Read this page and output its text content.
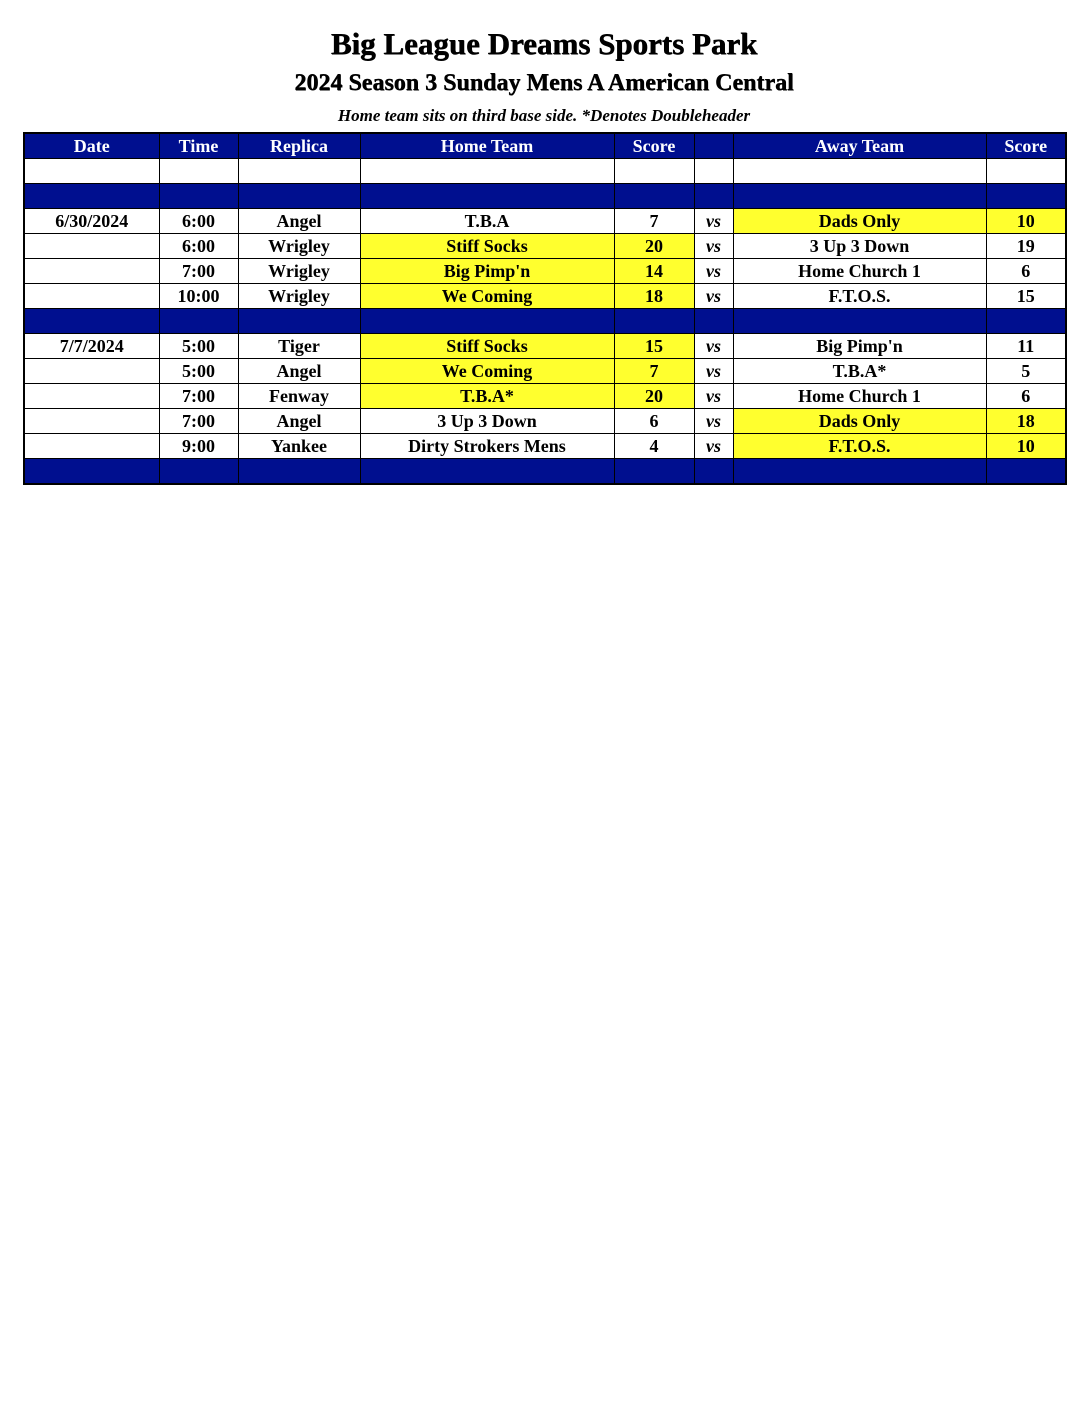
Big League Dreams Sports Park
2024 Season 3 Sunday Mens A American Central
Home team sits on third base side. *Denotes Doubleheader
Date	Time	Replica	Home Team	Score		Away Team	Score

6/30/2024	6:00	Angel	T.B.A	7	vs	Dads Only	10
	6:00	Wrigley	Stiff Socks	20	vs	3 Up 3 Down	19
	7:00	Wrigley	Big Pimp'n	14	vs	Home Church 1	6
	10:00	Wrigley	We Coming	18	vs	F.T.O.S.	15

7/7/2024	5:00	Tiger	Stiff Socks	15	vs	Big Pimp'n	11
	5:00	Angel	We Coming	7	vs	T.B.A*	5
	7:00	Fenway	T.B.A*	20	vs	Home Church 1	6
	7:00	Angel	3 Up 3 Down	6	vs	Dads Only	18
	9:00	Yankee	Dirty Strokers Mens	4	vs	F.T.O.S.	10
